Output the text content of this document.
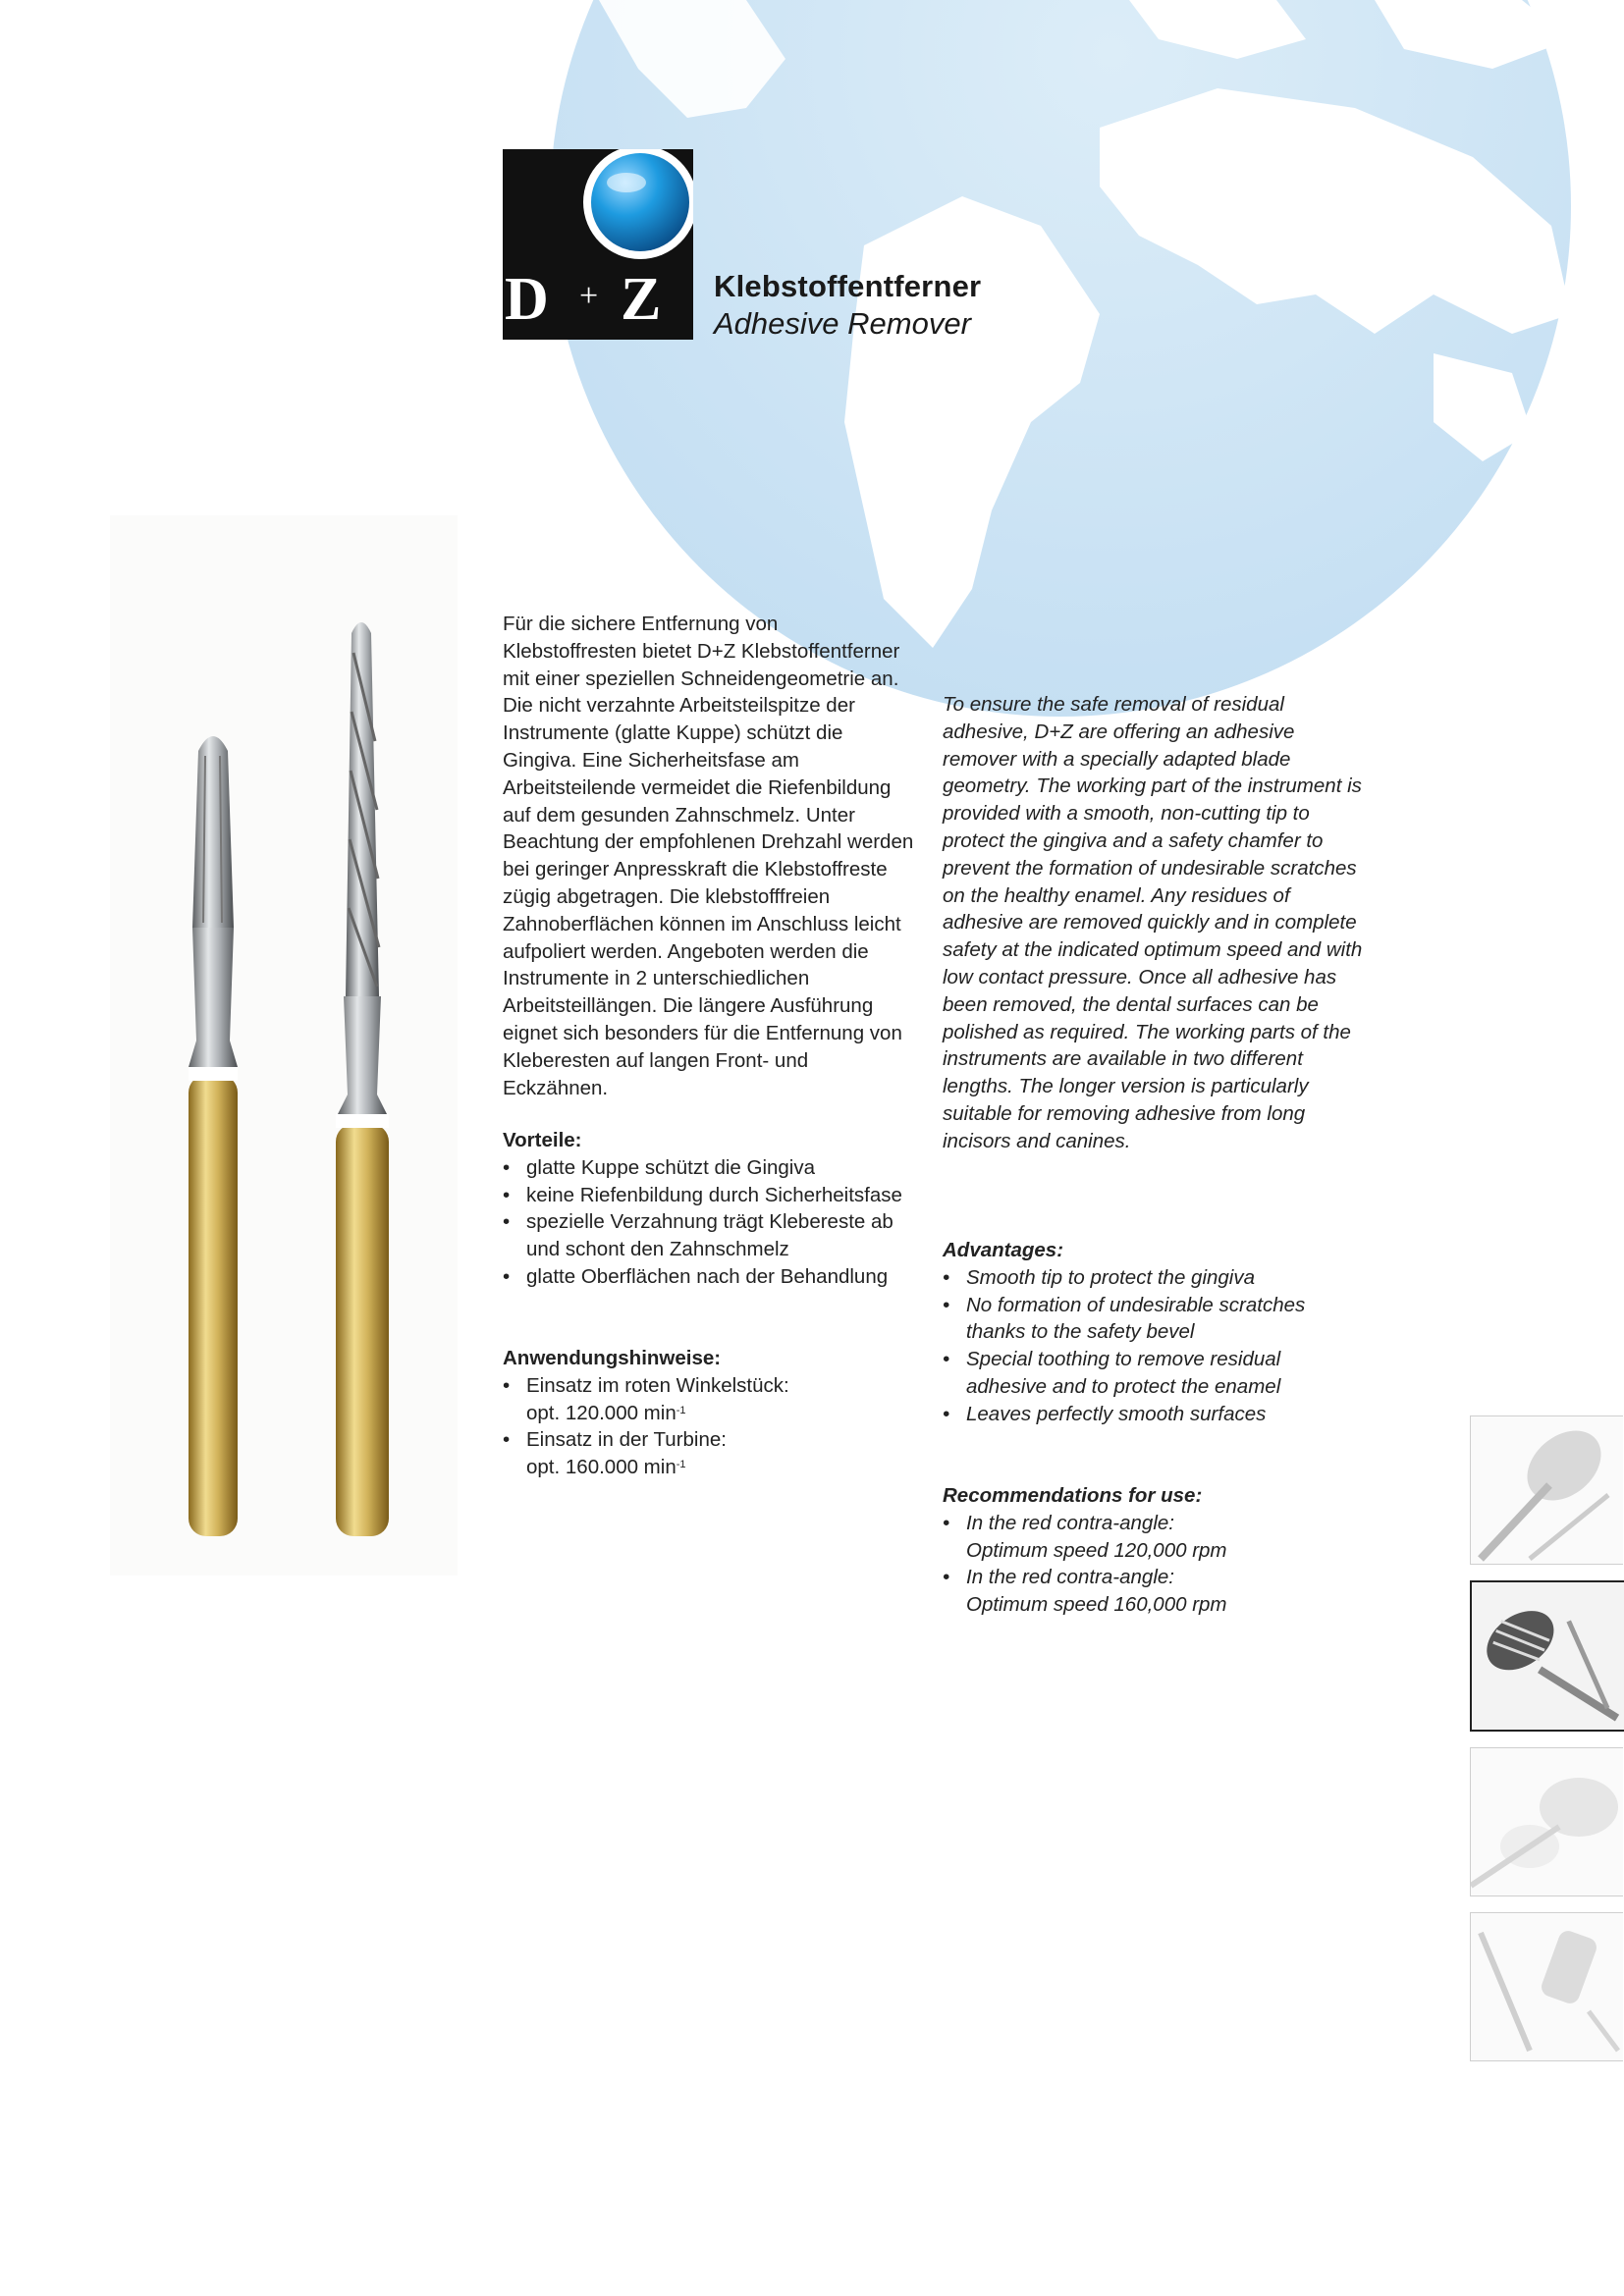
D + Z Klebstoffentferner
Adhesive Remover

Für die sichere Entfernung von Klebstoffresten bietet D+Z Klebstoffentferner mit einer speziellen Schneidengeometrie an. Die nicht verzahnte Arbeitsteilspitze der Instrumente (glatte Kuppe) schützt die Gingiva. Eine Sicherheitsfase am Arbeitsteilende vermeidet die Riefenbildung auf dem gesunden Zahnschmelz. Unter Beachtung der empfohlenen Drehzahl werden bei geringer Anpresskraft die Klebstoffreste zügig abgetragen. Die klebstofffreien Zahnoberflächen können im Anschluss leicht aufpoliert werden. Angeboten werden die Instrumente in 2 unterschiedlichen Arbeitsteillängen. Die längere Ausführung eignet sich besonders für die Entfernung von Kleberesten auf langen Front- und Eckzähnen.

Vorteile:
• glatte Kuppe schützt die Gingiva
• keine Riefenbildung durch Sicherheitsfase
• spezielle Verzahnung trägt Klebereste ab und schont den Zahnschmelz
• glatte Oberflächen nach der Behandlung
Anwendungshinweise:
• Einsatz im roten Winkelstück:
opt. 120.000 $\min^{-1}$
• Einsatz in der Turbine:
opt. 160.000 $\min^{-1}$

To ensure the safe removal of residual adhesive, D+Z are offering an adhesive remover with a specially adapted blade geometry. The working part of the instrument is provided with a smooth, non-cutting tip to protect the gingiva and a safety chamfer to prevent the formation of undesirable scratches on the healthy enamel. Any residues of adhesive are removed quickly and in complete safety at the indicated optimum speed and with low contact pressure. Once all adhesive has been removed, the dental surfaces can be polished as required. The working parts of the instruments are available in two different lengths. The longer version is particularly suitable for removing adhesive from long incisors and canines.

Advantages:
• Smooth tip to protect the gingiva
• No formation of undesirable scratches thanks to the safety bevel
• Special toothing to remove residual adhesive and to protect the enamel
• Leaves perfectly smooth surfaces
Recommendations for use:
• In the red contra-angle:
Optimum speed 120,000 rpm
• In the red contra-angle:
Optimum speed 160,000 rpm
